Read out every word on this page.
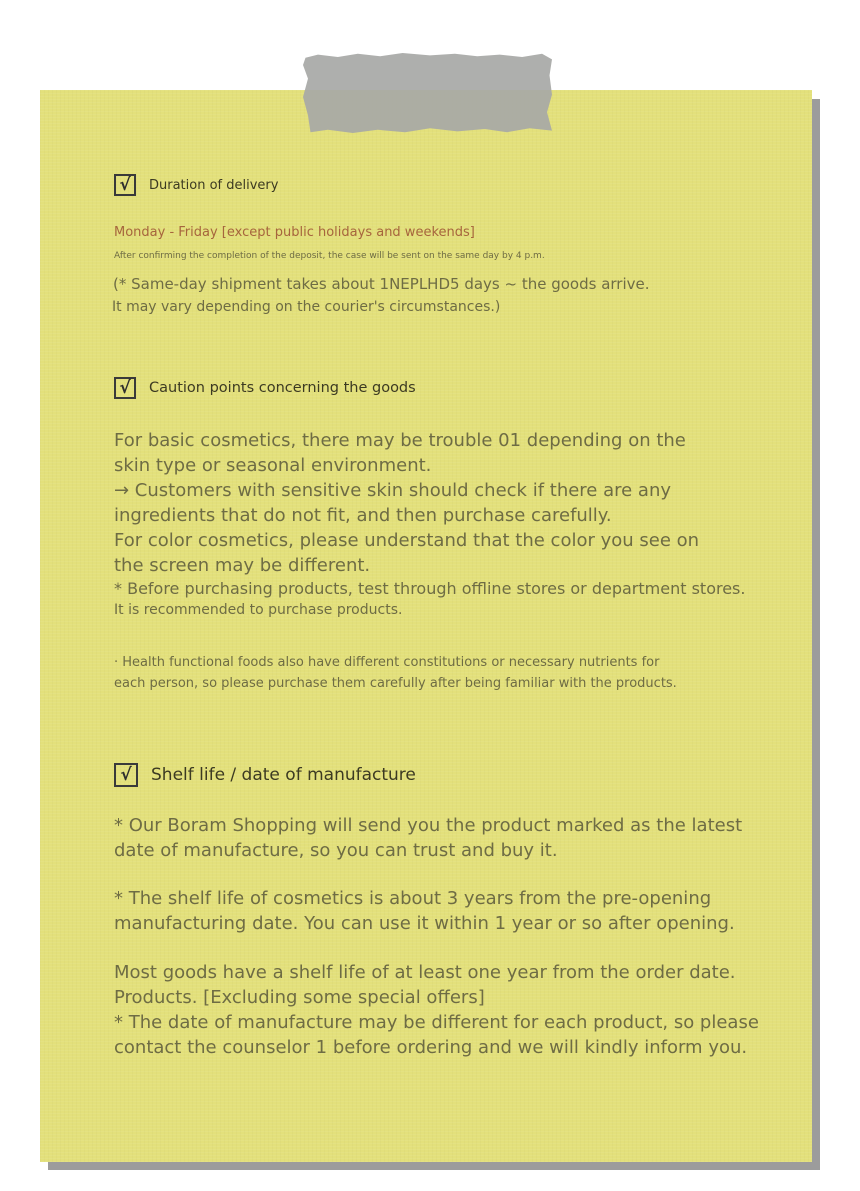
√	Duration of delivery
Monday - Friday [except public holidays and weekends]
After confirming the completion of the deposit, the case will be sent on the same day by 4 p.m.
(* Same-day shipment takes about 1NEPLHD5 days ~ the goods arrive.
It may vary depending on the courier's circumstances.)
√	Caution points concerning the goods
For basic cosmetics, there may be trouble 01 depending on the
skin type or seasonal environment.
→ Customers with sensitive skin should check if there are any
ingredients that do not fit, and then purchase carefully.
For color cosmetics, please understand that the color you see on
the screen may be different.
* Before purchasing products, test through offline stores or department stores.
It is recommended to purchase products.
· Health functional foods also have different constitutions or necessary nutrients for
each person, so please purchase them carefully after being familiar with the products.
√	Shelf life / date of manufacture
* Our Boram Shopping will send you the product marked as the latest
date of manufacture, so you can trust and buy it.
* The shelf life of cosmetics is about 3 years from the pre-opening
manufacturing date. You can use it within 1 year or so after opening.
Most goods have a shelf life of at least one year from the order date.
Products. [Excluding some special offers]
* The date of manufacture may be different for each product, so please
contact the counselor 1 before ordering and we will kindly inform you.
